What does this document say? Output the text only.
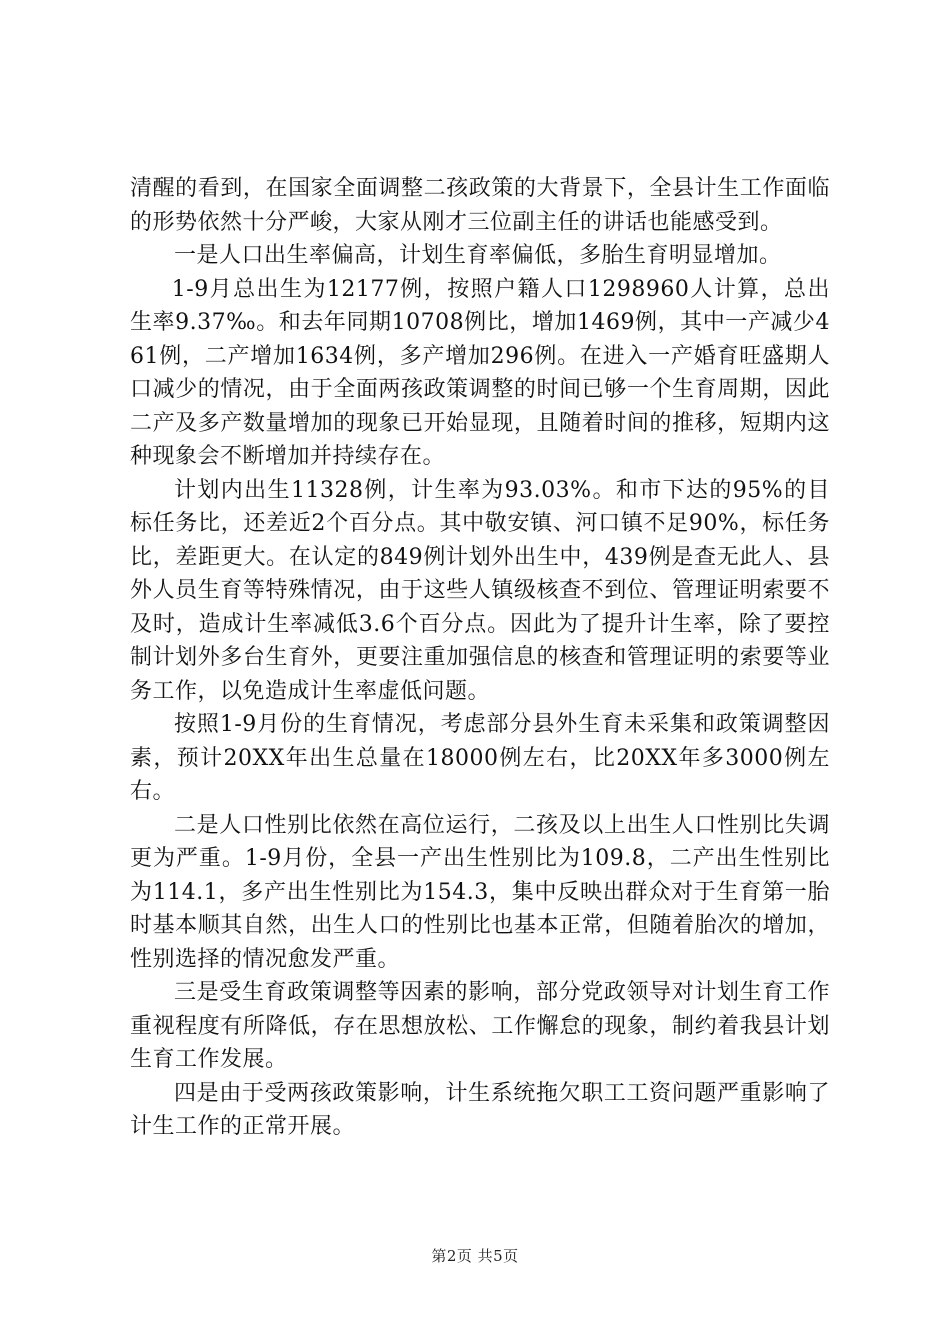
清醒的看到，在国家全面调整二孩政策的大背景下，全县计生工作面临的形势依然十分严峻，大家从刚才三位副主任的讲话也能感受到。

一是人口出生率偏高，计划生育率偏低，多胎生育明显增加。

1-9月总出生为12177例，按照户籍人口1298960人计算，总出生率9.37‰。和去年同期10708例比，增加1469例，其中一产减少461例，二产增加1634例，多产增加296例。在进入一产婚育旺盛期人口减少的情况，由于全面两孩政策调整的时间已够一个生育周期，因此二产及多产数量增加的现象已开始显现，且随着时间的推移，短期内这种现象会不断增加并持续存在。

计划内出生11328例，计生率为93.03%。和市下达的95%的目标任务比，还差近2个百分点。其中敬安镇、河口镇不足90%，标任务比，差距更大。在认定的849例计划外出生中，439例是查无此人、县外人员生育等特殊情况，由于这些人镇级核查不到位、管理证明索要不及时，造成计生率减低3.6个百分点。因此为了提升计生率，除了要控制计划外多台生育外，更要注重加强信息的核查和管理证明的索要等业务工作，以免造成计生率虚低问题。

按照1-9月份的生育情况，考虑部分县外生育未采集和政策调整因素，预计20XX年出生总量在18000例左右，比20XX年多3000例左右。

二是人口性别比依然在高位运行，二孩及以上出生人口性别比失调更为严重。1-9月份，全县一产出生性别比为109.8，二产出生性别比为114.1，多产出生性别比为154.3，集中反映出群众对于生育第一胎时基本顺其自然，出生人口的性别比也基本正常，但随着胎次的增加，性别选择的情况愈发严重。

三是受生育政策调整等因素的影响，部分党政领导对计划生育工作重视程度有所降低，存在思想放松、工作懈怠的现象，制约着我县计划生育工作发展。

四是由于受两孩政策影响，计生系统拖欠职工工资问题严重影响了计生工作的正常开展。

第2页 共5页
